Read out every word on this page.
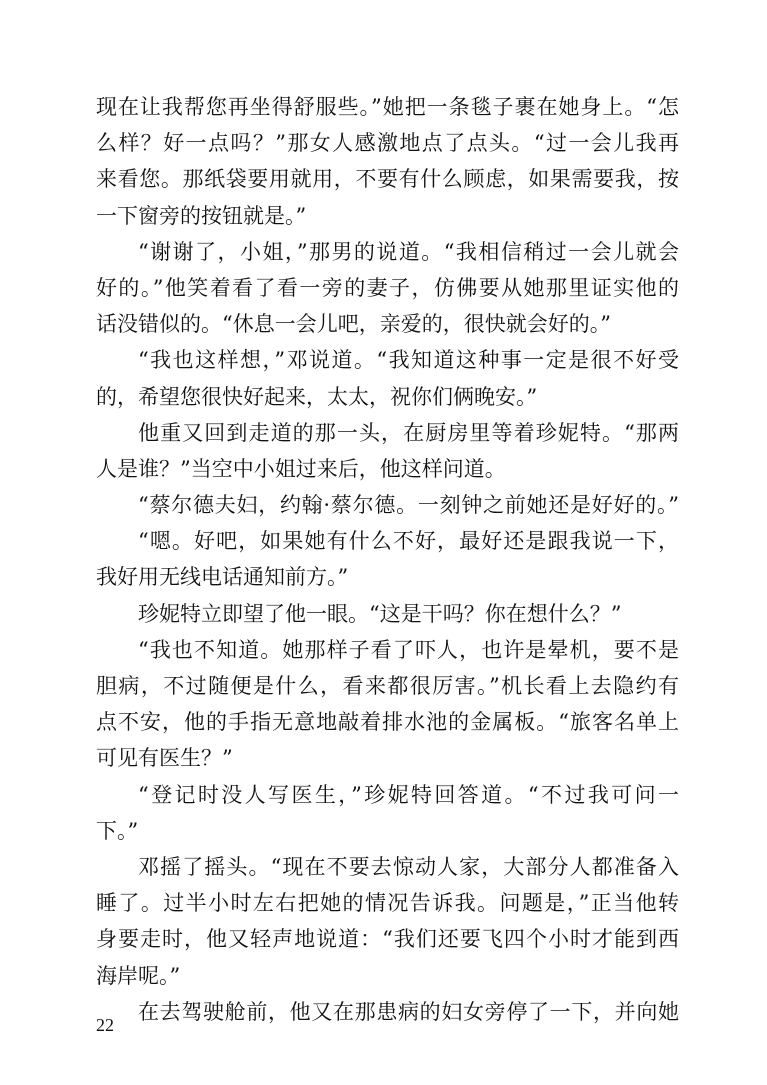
现在让我帮您再坐得舒服些。”她把一条毯子裹在她身上。“怎
么样？好一点吗？”那女人感激地点了点头。“过一会儿我再
来看您。那纸袋要用就用，不要有什么顾虑，如果需要我，按
一下窗旁的按钮就是。”
“谢谢了，小姐，”那男的说道。“我相信稍过一会儿就会
好的。”他笑着看了看一旁的妻子，仿佛要从她那里证实他的
话没错似的。“休息一会儿吧，亲爱的，很快就会好的。”
“我也这样想，”邓说道。“我知道这种事一定是很不好受
的，希望您很快好起来，太太，祝你们俩晚安。”
他重又回到走道的那一头，在厨房里等着珍妮特。“那两
人是谁？”当空中小姐过来后，他这样问道。
“蔡尔德夫妇，约翰·蔡尔德。一刻钟之前她还是好好的。”
“嗯。好吧，如果她有什么不好，最好还是跟我说一下，
我好用无线电话通知前方。”
珍妮特立即望了他一眼。“这是干吗？你在想什么？”
“我也不知道。她那样子看了吓人，也许是晕机，要不是
胆病，不过随便是什么，看来都很厉害。”机长看上去隐约有
点不安，他的手指无意地敲着排水池的金属板。“旅客名单上
可见有医生？”
“登记时没人写医生，”珍妮特回答道。“不过我可问一
下。”
邓摇了摇头。“现在不要去惊动人家，大部分人都准备入
睡了。过半小时左右把她的情况告诉我。问题是，”正当他转
身要走时，他又轻声地说道：“我们还要飞四个小时才能到西
海岸呢。”
在去驾驶舱前，他又在那患病的妇女旁停了一下，并向她
22
